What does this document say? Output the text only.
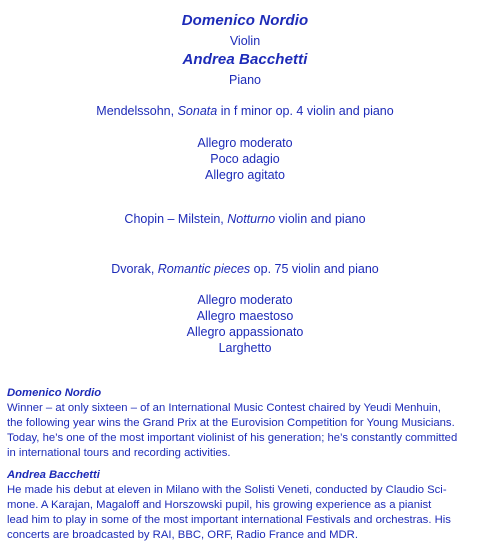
Domenico Nordio
Violin
Andrea Bacchetti
Piano
Mendelssohn, Sonata in f minor op. 4 violin and piano
Allegro moderato
Poco adagio
Allegro agitato
Chopin – Milstein, Notturno violin and piano
Dvorak, Romantic pieces op. 75 violin and piano
Allegro moderato
Allegro maestoso
Allegro appassionato
Larghetto
Domenico Nordio
Winner – at only sixteen – of an International Music Contest chaired by Yeudi Menhuin,
the following year wins the Grand Prix at the Eurovision Competition for Young Musicians.
Today, he’s one of the most important violinist of his generation; he’s constantly committed
in international tours and recording activities.
Andrea Bacchetti
He made his debut at eleven in Milano with the Solisti Veneti, conducted by Claudio Sci-
mone. A Karajan, Magaloff and Horszowski pupil, his growing experience as a pianist
lead him to play in some of the most important international Festivals and orchestras. His
concerts are broadcasted by RAI, BBC, ORF, Radio France and MDR.
